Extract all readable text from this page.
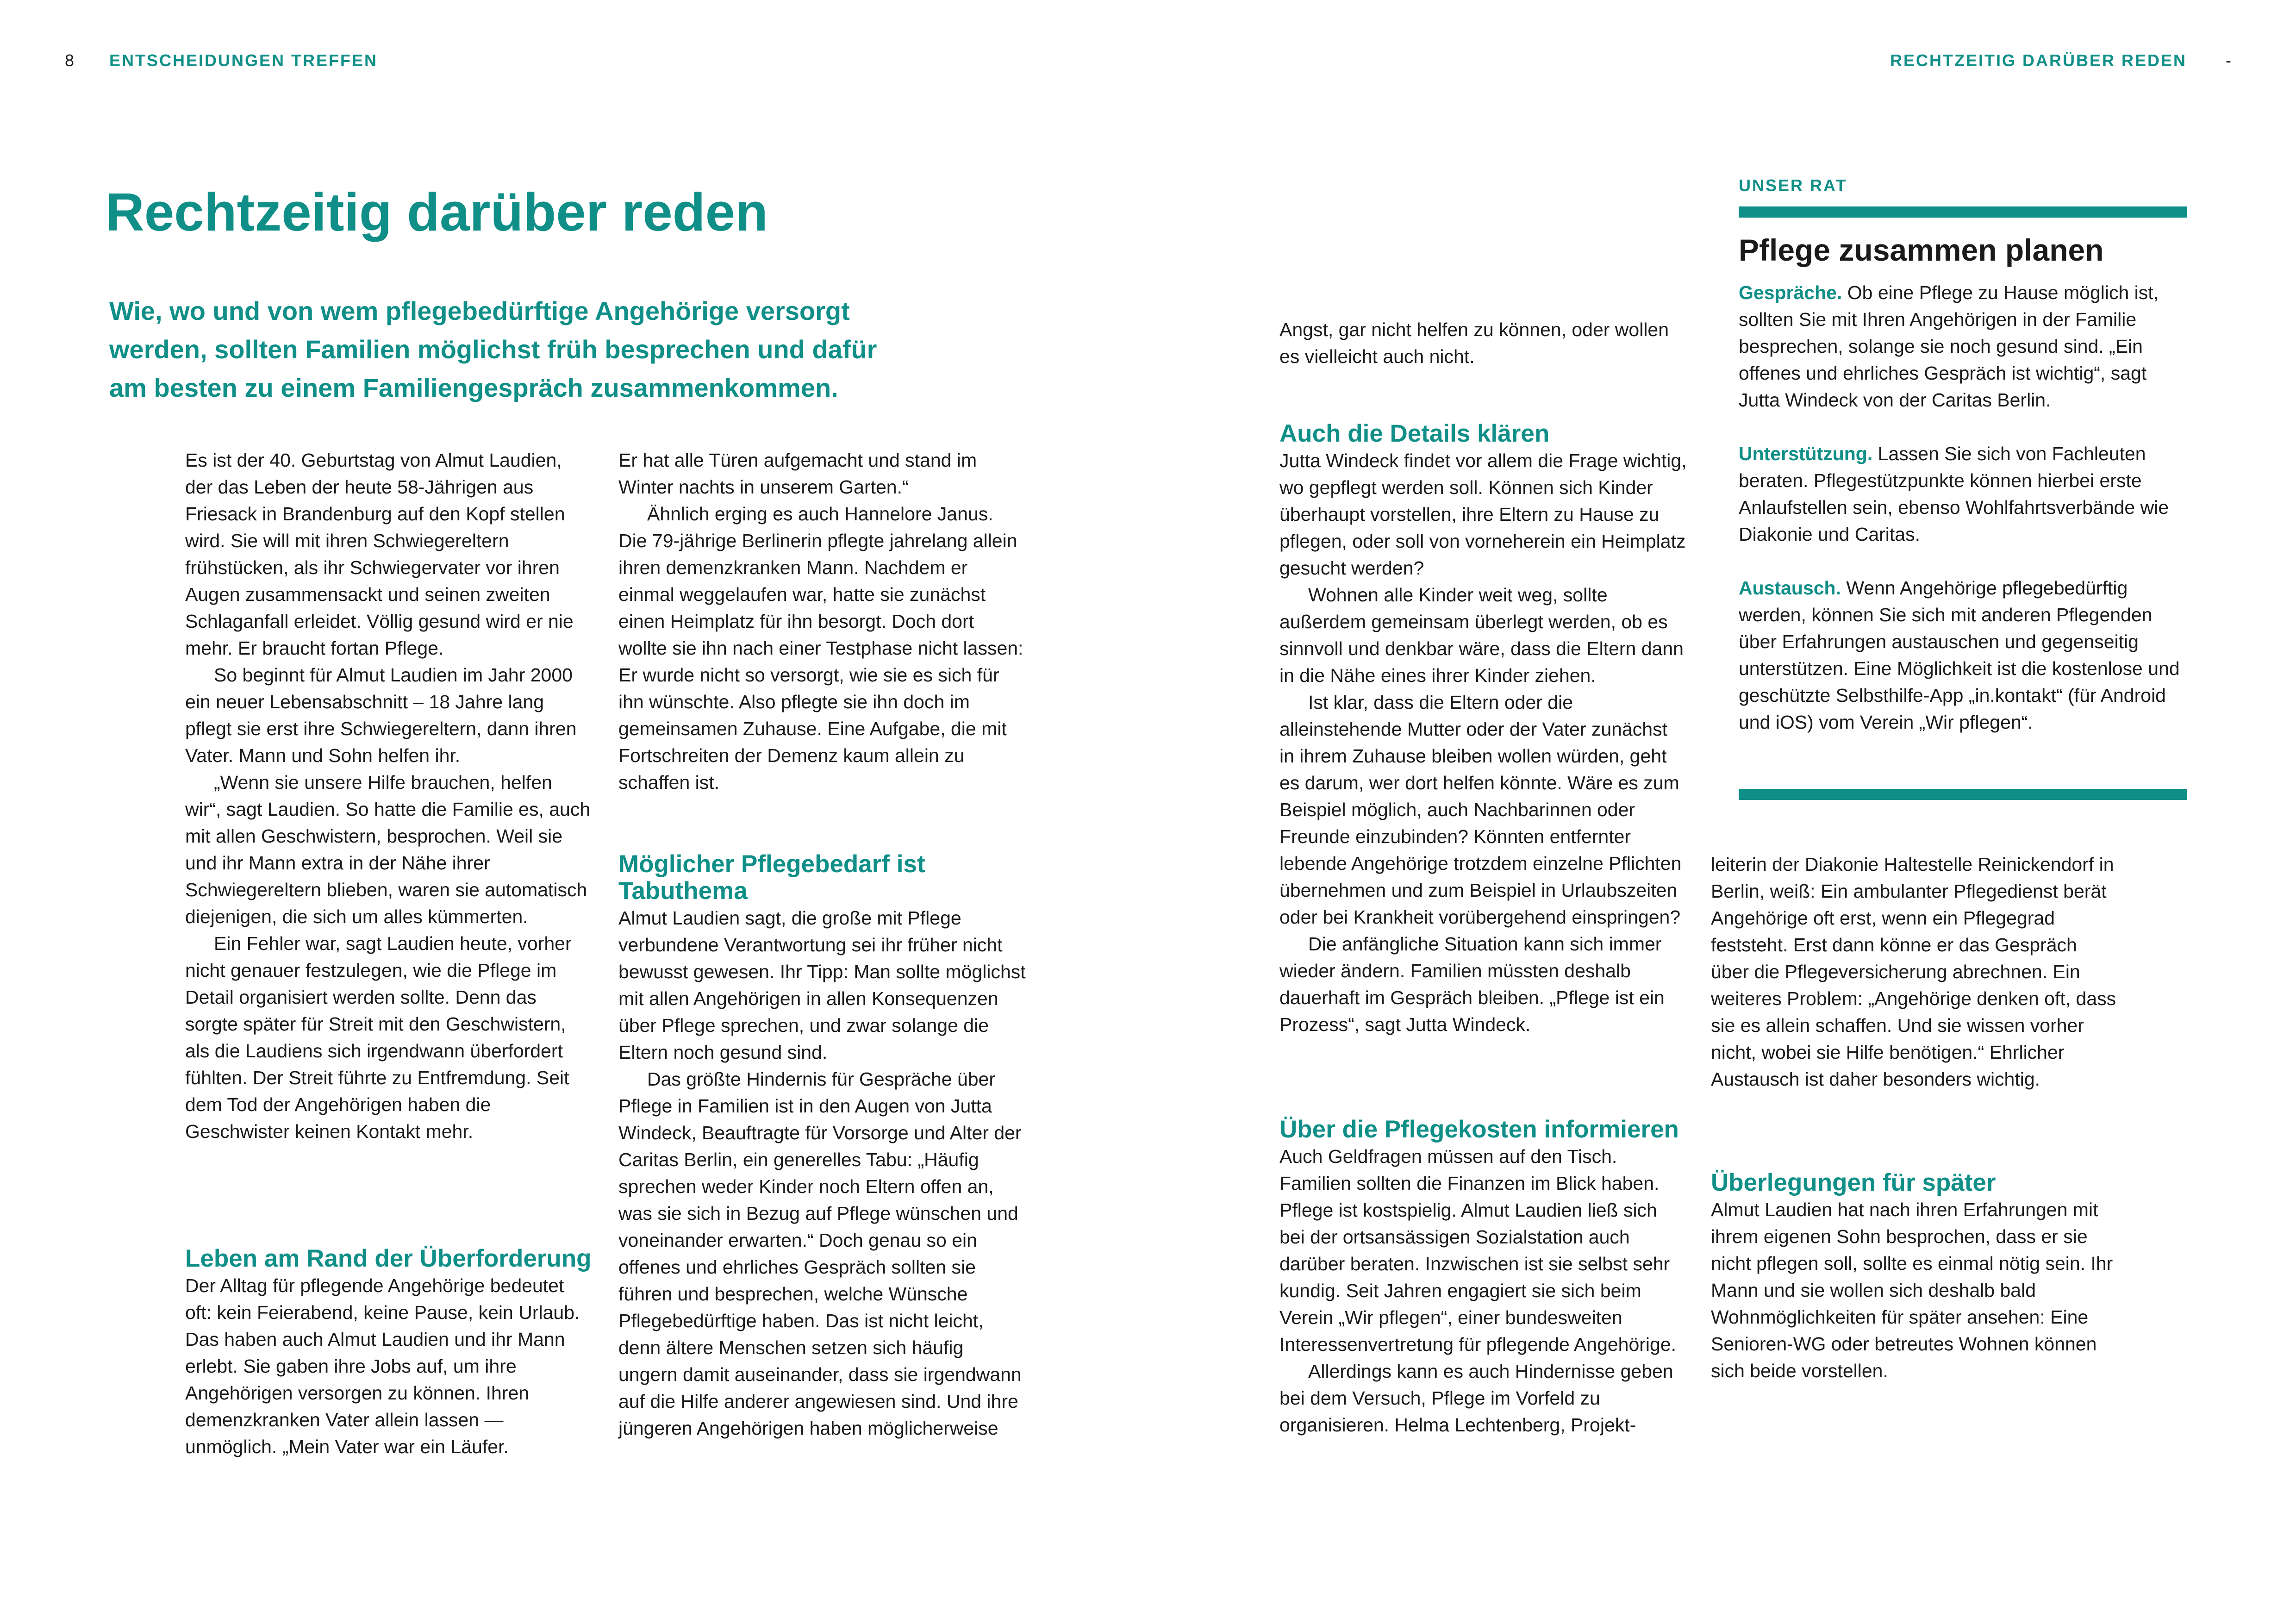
8 ENTSCHEIDUNGEN TREFFEN	RECHTZEITIG DARÜBER REDEN -
Rechtzeitig darüber reden
Wie, wo und von wem pflegebedürftige Angehörige versorgt werden, sollten Familien möglichst früh besprechen und dafür am besten zu einem Familiengespräch zusammenkommen.

Es ist der 40. Geburtstag von Almut Laudien, der das Leben der heute 58-Jährigen aus Friesack in Brandenburg auf den Kopf stellen wird. Sie will mit ihren Schwiegereltern frühstücken, als ihr Schwiegervater vor ihren Augen zusammensackt und seinen zweiten Schlaganfall erleidet. Völlig gesund wird er nie mehr. Er braucht fortan Pflege.

So beginnt für Almut Laudien im Jahr 2000 ein neuer Lebensabschnitt – 18 Jahre lang pflegt sie erst ihre Schwiegereltern, dann ihren Vater. Mann und Sohn helfen ihr.

„Wenn sie unsere Hilfe brauchen, helfen wir“, sagt Laudien. So hatte die Familie es, auch mit allen Geschwistern, besprochen. Weil sie und ihr Mann extra in der Nähe ihrer Schwiegereltern blieben, waren sie automatisch diejenigen, die sich um alles kümmerten.

Ein Fehler war, sagt Laudien heute, vorher nicht genauer festzulegen, wie die Pflege im Detail organisiert werden sollte. Denn das sorgte später für Streit mit den Geschwistern, als die Laudiens sich irgendwann überfordert fühlten. Der Streit führte zu Entfremdung. Seit dem Tod der Angehörigen haben die Geschwister keinen Kontakt mehr.

Leben am Rand der Überforderung

Der Alltag für pflegende Angehörige bedeutet oft: kein Feierabend, keine Pause, kein Urlaub. Das haben auch Almut Laudien und ihr Mann erlebt. Sie gaben ihre Jobs auf, um ihre Angehörigen versorgen zu können. Ihren demenzkranken Vater allein lassen — unmöglich. „Mein Vater war ein Läufer.

Er hat alle Türen aufgemacht und stand im Winter nachts in unserem Garten.“

Ähnlich erging es auch Hannelore Janus. Die 79-jährige Berlinerin pflegte jahrelang allein ihren demenzkranken Mann. Nachdem er einmal weggelaufen war, hatte sie zunächst einen Heimplatz für ihn besorgt. Doch dort wollte sie ihn nach einer Testphase nicht lassen: Er wurde nicht so versorgt, wie sie es sich für ihn wünschte. Also pflegte sie ihn doch im gemeinsamen Zuhause. Eine Aufgabe, die mit Fortschreiten der Demenz kaum allein zu schaffen ist.

Möglicher Pflegebedarf ist Tabuthema

Almut Laudien sagt, die große mit Pflege verbundene Verantwortung sei ihr früher nicht bewusst gewesen. Ihr Tipp: Man sollte möglichst mit allen Angehörigen in allen Konsequenzen über Pflege sprechen, und zwar solange die Eltern noch gesund sind.

Das größte Hindernis für Gespräche über Pflege in Familien ist in den Augen von Jutta Windeck, Beauftragte für Vorsorge und Alter der Caritas Berlin, ein generelles Tabu: „Häufig sprechen weder Kinder noch Eltern offen an, was sie sich in Bezug auf Pflege wünschen und voneinander erwarten.“ Doch genau so ein offenes und ehrliches Gespräch sollten sie führen und besprechen, welche Wünsche Pflegebedürftige haben. Das ist nicht leicht, denn ältere Menschen setzen sich häufig ungern damit auseinander, dass sie irgendwann auf die Hilfe anderer angewiesen sind. Und ihre jüngeren Angehörigen haben möglicherweise

Angst, gar nicht helfen zu können, oder wollen es vielleicht auch nicht.

Auch die Details klären

Jutta Windeck findet vor allem die Frage wichtig, wo gepflegt werden soll. Können sich Kinder überhaupt vorstellen, ihre Eltern zu Hause zu pflegen, oder soll von vorneherein ein Heimplatz gesucht werden?

Wohnen alle Kinder weit weg, sollte außerdem gemeinsam überlegt werden, ob es sinnvoll und denkbar wäre, dass die Eltern dann in die Nähe eines ihrer Kinder ziehen.

Ist klar, dass die Eltern oder die alleinstehende Mutter oder der Vater zunächst in ihrem Zuhause bleiben wollen würden, geht es darum, wer dort helfen könnte. Wäre es zum Beispiel möglich, auch Nachbarinnen oder Freunde einzubinden? Könnten entfernter lebende Angehörige trotzdem einzelne Pflichten übernehmen und zum Beispiel in Urlaubszeiten oder bei Krankheit vorübergehend einspringen?

Die anfängliche Situation kann sich immer wieder ändern. Familien müssten deshalb dauerhaft im Gespräch bleiben. „Pflege ist ein Prozess“, sagt Jutta Windeck.

Über die Pflegekosten informieren

Auch Geldfragen müssen auf den Tisch. Familien sollten die Finanzen im Blick haben. Pflege ist kostspielig. Almut Laudien ließ sich bei der ortsansässigen Sozialstation auch darüber beraten. Inzwischen ist sie selbst sehr kundig. Seit Jahren engagiert sie sich beim Verein „Wir pflegen“, einer bundesweiten Interessenvertretung für pflegende Angehörige.

Allerdings kann es auch Hindernisse geben bei dem Versuch, Pflege im Vorfeld zu organisieren. Helma Lechtenberg, Projekt-

leiterin der Diakonie Haltestelle Reinickendorf in Berlin, weiß: Ein ambulanter Pflegedienst berät Angehörige oft erst, wenn ein Pflegegrad feststeht. Erst dann könne er das Gespräch über die Pflegeversicherung abrechnen. Ein weiteres Problem: „Angehörige denken oft, dass sie es allein schaffen. Und sie wissen vorher nicht, wobei sie Hilfe benötigen.“ Ehrlicher Austausch ist daher besonders wichtig.

Überlegungen für später

Almut Laudien hat nach ihren Erfahrungen mit ihrem eigenen Sohn besprochen, dass er sie nicht pflegen soll, sollte es einmal nötig sein. Ihr Mann und sie wollen sich deshalb bald Wohnmöglichkeiten für später ansehen: Eine Senioren-WG oder betreutes Wohnen können sich beide vorstellen.

UNSER RAT
Pflege zusammen planen

Gespräche. Ob eine Pflege zu Hause möglich ist, sollten Sie mit Ihren Angehörigen in der Familie besprechen, solange sie noch gesund sind. „Ein offenes und ehrliches Gespräch ist wichtig“, sagt Jutta Windeck von der Caritas Berlin.

Unterstützung. Lassen Sie sich von Fachleuten beraten. Pflegestützpunkte können hierbei erste Anlaufstellen sein, ebenso Wohlfahrtsverbände wie Diakonie und Caritas.

Austausch. Wenn Angehörige pflegebedürftig werden, können Sie sich mit anderen Pflegenden über Erfahrungen austauschen und gegenseitig unterstützen. Eine Möglichkeit ist die kostenlose und geschützte Selbsthilfe-App „in.kontakt“ (für Android und iOS) vom Verein „Wir pflegen“.
